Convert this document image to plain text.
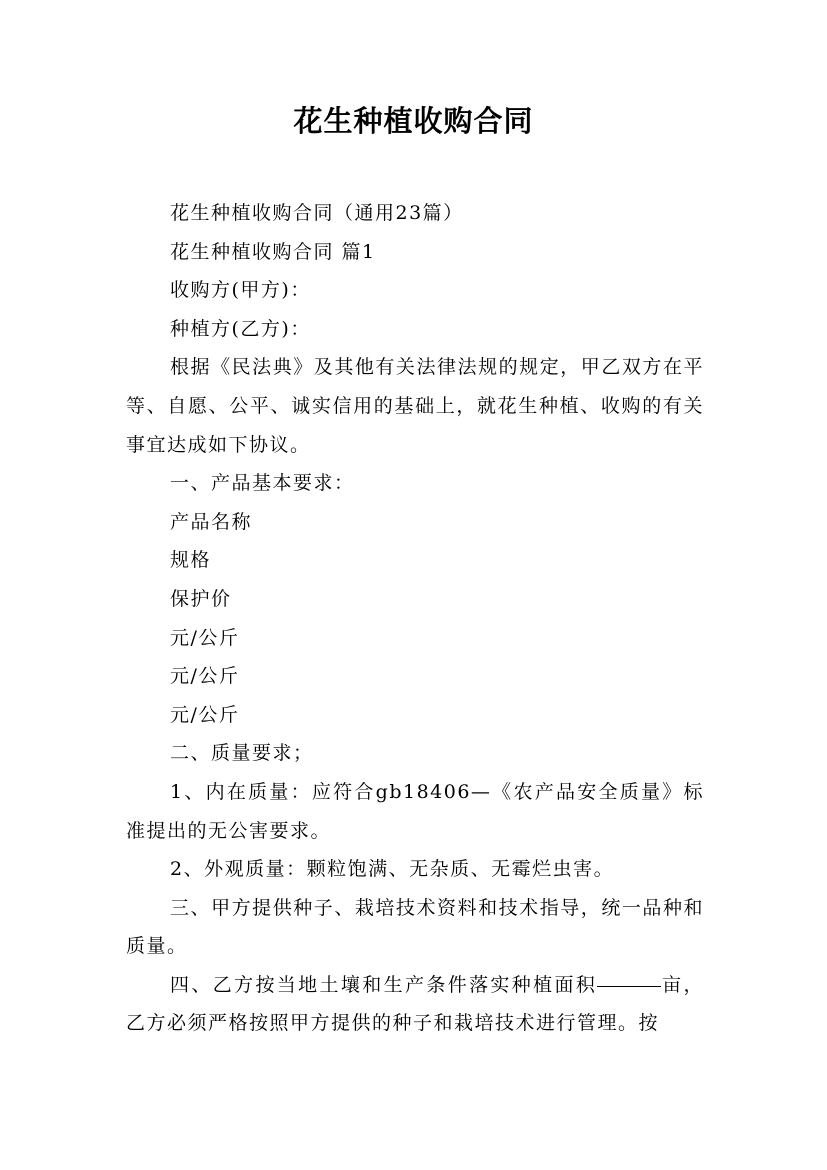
花生种植收购合同

花生种植收购合同（通用23篇）

花生种植收购合同 篇1

收购方(甲方)：

种植方(乙方)：

根据《民法典》及其他有关法律法规的规定，甲乙双方在平等、自愿、公平、诚实信用的基础上，就花生种植、收购的有关事宜达成如下协议。

一、产品基本要求：

产品名称

规格

保护价

元/公斤

元/公斤

元/公斤

二、质量要求；

1、内在质量：应符合gb18406—《农产品安全质量》标准提出的无公害要求。

2、外观质量：颗粒饱满、无杂质、无霉烂虫害。

三、甲方提供种子、栽培技术资料和技术指导，统一品种和质量。

四、乙方按当地土壤和生产条件落实种植面积	亩，乙方必须严格按照甲方提供的种子和栽培技术进行管理。按
